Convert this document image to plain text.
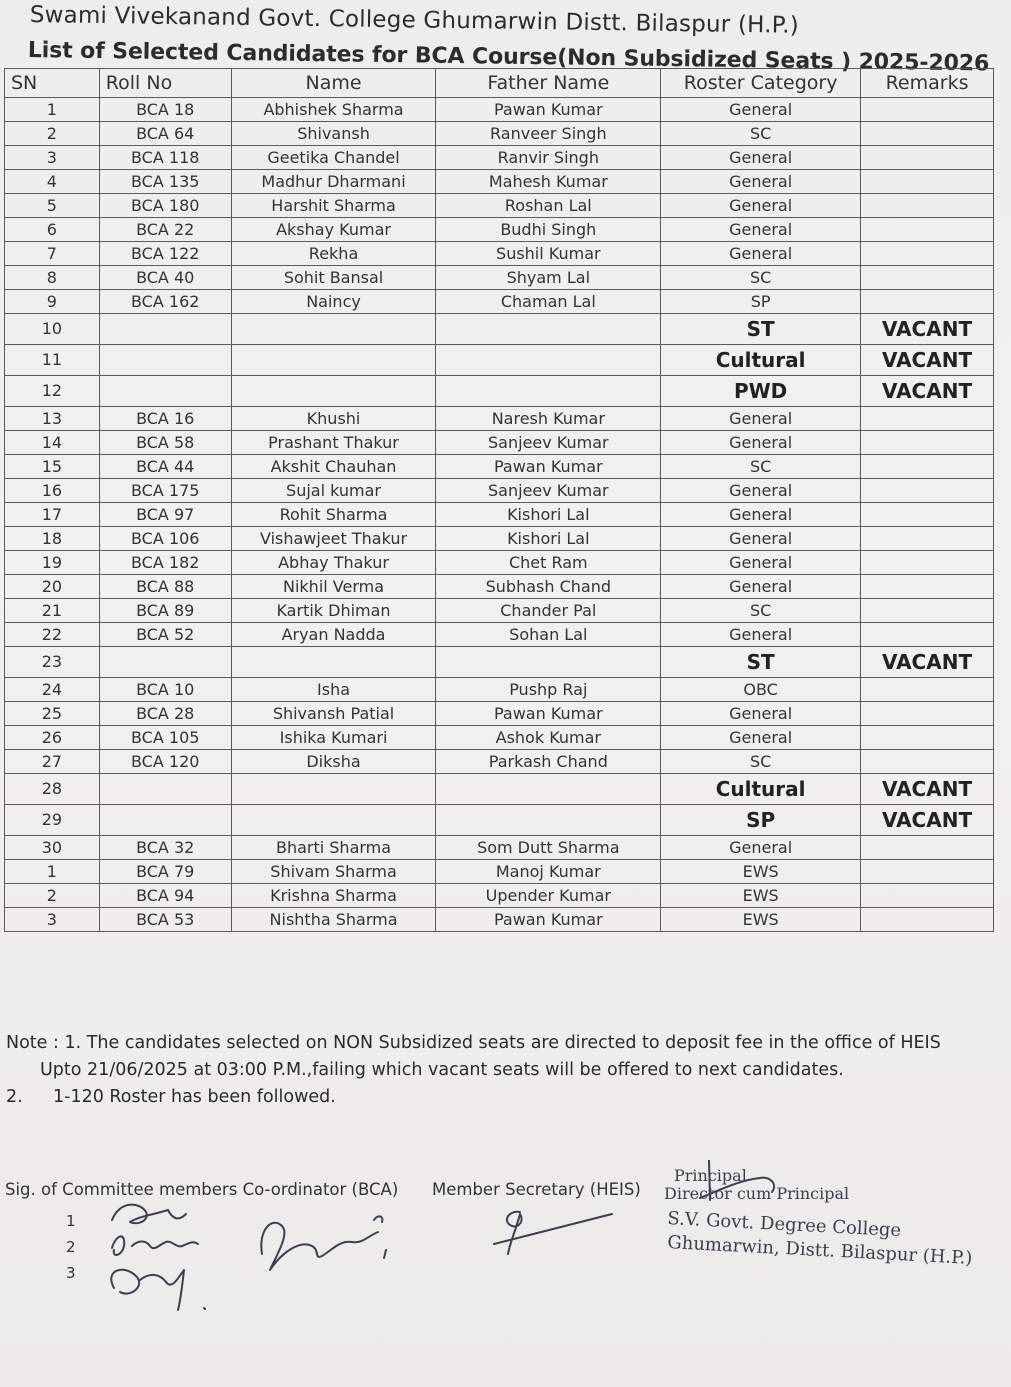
Swami Vivekanand Govt. College Ghumarwin Distt. Bilaspur (H.P.)
List of Selected Candidates for BCA Course(Non Subsidized Seats ) 2025-2026
SN	Roll No	Name	Father Name	Roster Category	Remarks
1	BCA 18	Abhishek Sharma	Pawan Kumar	General	
2	BCA 64	Shivansh	Ranveer Singh	SC	
3	BCA 118	Geetika Chandel	Ranvir Singh	General	
4	BCA 135	Madhur Dharmani	Mahesh Kumar	General	
5	BCA 180	Harshit Sharma	Roshan Lal	General	
6	BCA 22	Akshay Kumar	Budhi Singh	General	
7	BCA 122	Rekha	Sushil Kumar	General	
8	BCA 40	Sohit Bansal	Shyam Lal	SC	
9	BCA 162	Naincy	Chaman Lal	SP	
10				ST	VACANT
11				Cultural	VACANT
12				PWD	VACANT
13	BCA 16	Khushi	Naresh Kumar	General	
14	BCA 58	Prashant Thakur	Sanjeev Kumar	General	
15	BCA 44	Akshit Chauhan	Pawan Kumar	SC	
16	BCA 175	Sujal kumar	Sanjeev Kumar	General	
17	BCA 97	Rohit Sharma	Kishori Lal	General	
18	BCA 106	Vishawjeet Thakur	Kishori Lal	General	
19	BCA 182	Abhay Thakur	Chet Ram	General	
20	BCA 88	Nikhil Verma	Subhash Chand	General	
21	BCA 89	Kartik Dhiman	Chander Pal	SC	
22	BCA 52	Aryan Nadda	Sohan Lal	General	
23				ST	VACANT
24	BCA 10	Isha	Pushp Raj	OBC	
25	BCA 28	Shivansh Patial	Pawan Kumar	General	
26	BCA 105	Ishika Kumari	Ashok Kumar	General	
27	BCA 120	Diksha	Parkash Chand	SC	
28				Cultural	VACANT
29				SP	VACANT
30	BCA 32	Bharti Sharma	Som Dutt Sharma	General	
1	BCA 79	Shivam Sharma	Manoj Kumar	EWS	
2	BCA 94	Krishna Sharma	Upender Kumar	EWS	
3	BCA 53	Nishtha Sharma	Pawan Kumar	EWS	
Note : 1. The candidates selected on NON Subsidized seats are directed to deposit fee in the office of HEIS
Upto 21/06/2025 at 03:00 P.M.,failing which vacant seats will be offered to next candidates.
2. 1-120 Roster has been followed.
Sig. of Committee members Co-ordinator (BCA)
1
2
3
Member Secretary (HEIS)
Principal
Director cum Principal
S.V. Govt. Degree College
Ghumarwin, Distt. Bilaspur (H.P.)
